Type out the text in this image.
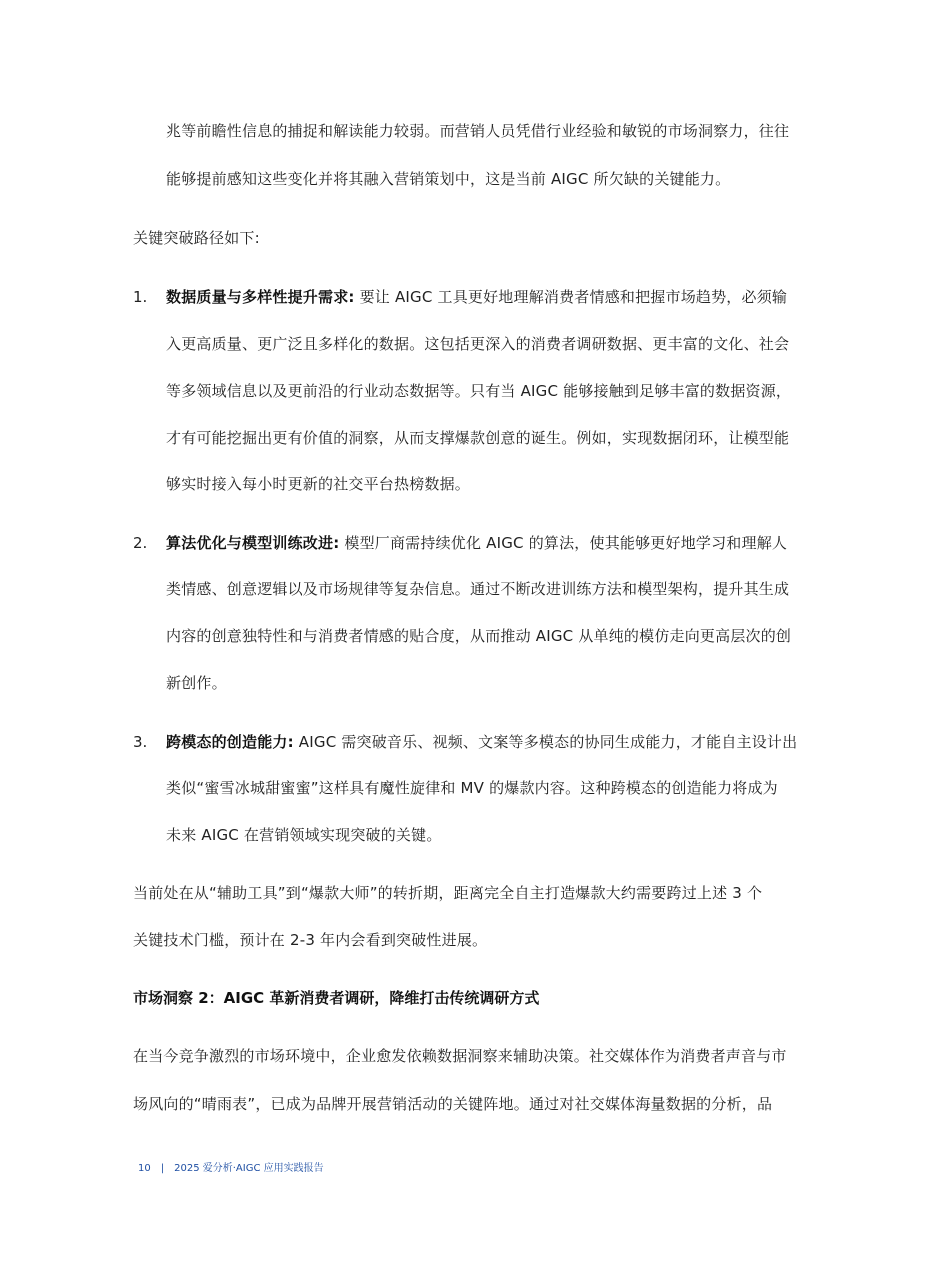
兆等前瞻性信息的捕捉和解读能力较弱。而营销人员凭借行业经验和敏锐的市场洞察力，往往
能够提前感知这些变化并将其融入营销策划中，这是当前 AIGC 所欠缺的关键能力。
关键突破路径如下:
1. 数据质量与多样性提升需求: 要让 AIGC 工具更好地理解消费者情感和把握市场趋势，必须输
入更高质量、更广泛且多样化的数据。这包括更深入的消费者调研数据、更丰富的文化、社会
等多领域信息以及更前沿的行业动态数据等。只有当 AIGC 能够接触到足够丰富的数据资源，
才有可能挖掘出更有价值的洞察，从而支撑爆款创意的诞生。例如，实现数据闭环，让模型能
够实时接入每小时更新的社交平台热榜数据。
2. 算法优化与模型训练改进: 模型厂商需持续优化 AIGC 的算法，使其能够更好地学习和理解人
类情感、创意逻辑以及市场规律等复杂信息。通过不断改进训练方法和模型架构，提升其生成
内容的创意独特性和与消费者情感的贴合度，从而推动 AIGC 从单纯的模仿走向更高层次的创
新创作。
3. 跨模态的创造能力: AIGC 需突破音乐、视频、文案等多模态的协同生成能力，才能自主设计出
类似“蜜雪冰城甜蜜蜜”这样具有魔性旋律和 MV 的爆款内容。这种跨模态的创造能力将成为
未来 AIGC 在营销领域实现突破的关键。
当前处在从“辅助工具”到“爆款大师”的转折期，距离完全自主打造爆款大约需要跨过上述 3 个
关键技术门槛，预计在 2-3 年内会看到突破性进展。
市场洞察 2：AIGC 革新消费者调研，降维打击传统调研方式
在当今竞争激烈的市场环境中，企业愈发依赖数据洞察来辅助决策。社交媒体作为消费者声音与市
场风向的“晴雨表”，已成为品牌开展营销活动的关键阵地。通过对社交媒体海量数据的分析，品
10 | 2025 爱分析·AIGC 应用实践报告
